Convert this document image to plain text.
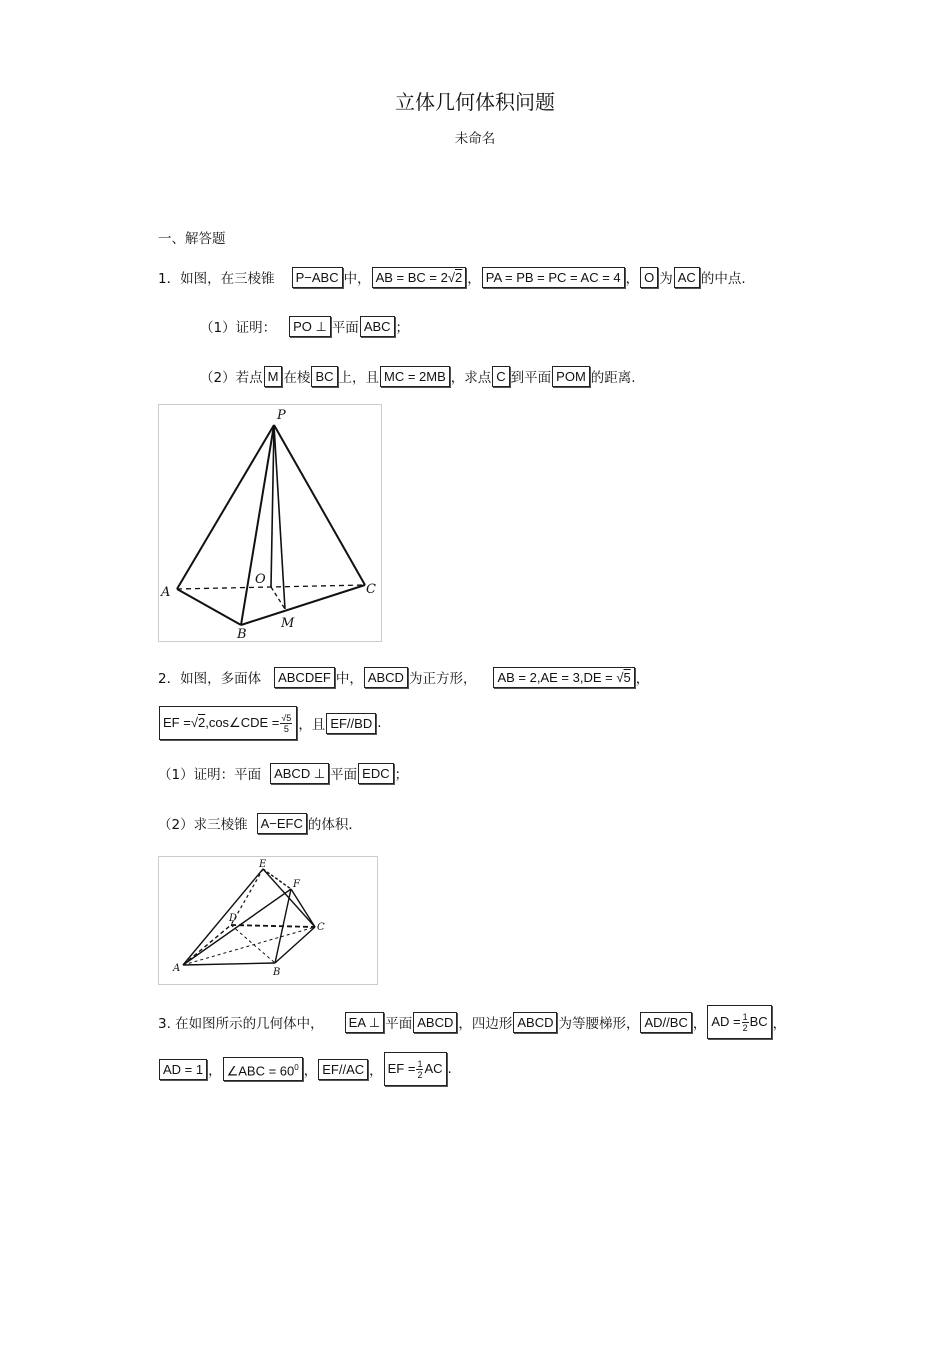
立体几何体积问题
未命名
一、解答题
1．如图，在三棱锥	P−ABC 中， AB = BC = 2√2 ， PA = PB = PC = AC = 4 ， O 为 AC 的中点.
（1）证明：	PO ⊥ 平面 ABC ；
（2）若点 M 在棱 BC 上，且 MC = 2MB ，求点 C 到平面 POM 的距离.
P
A
B
C
O
M
2．如图，多面体	ABCDEF 中， ABCD 为正方形，	AB = 2,AE = 3,DE = √5 ，
EF = √ 2 ,cos∠CDE = $\frac{√5}{5}$ ，且 EF//BD .
（1）证明：平面	ABCD ⊥ 平面 EDC ；
（2）求三棱锥	A−EFC 的体积．
E
F
D
C
A	B
3. 在如图所示的几何体中，	EA ⊥ 平面 ABCD ，四边形 ABCD 为等腰梯形， AD//BC ， AD = $\frac{1}{2}$ BC ，
AD = 1 ， ∠ABC = $60^0$ ， EF//AC ， EF = $\frac{1}{2}$ AC .
